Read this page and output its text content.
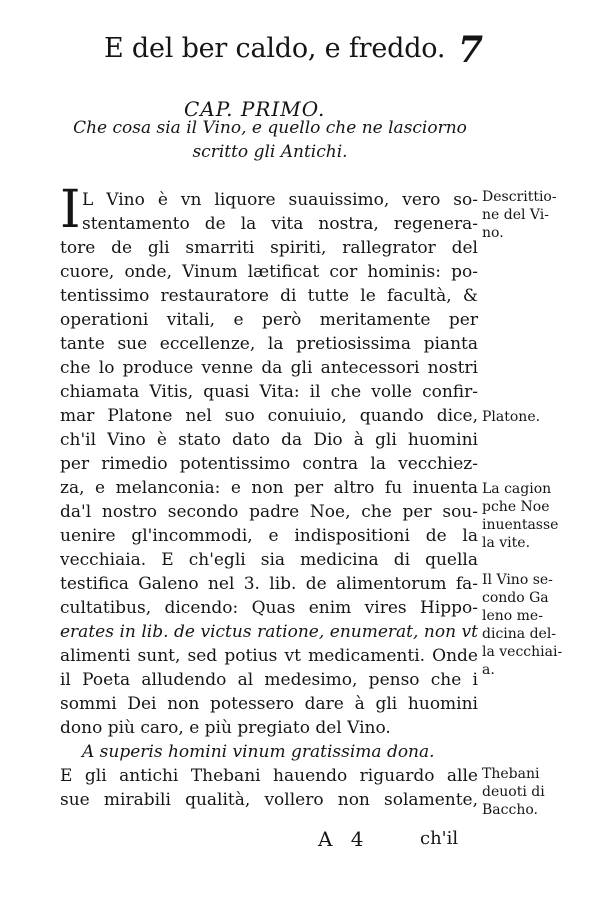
E del ber caldo, e freddo. 7
CAP. PRIMO.
Che cosa sia il Vino, e quello che ne lasciorno
scritto gli Antichi.
I L Vino è vn liquore suauissimo, vero so-
stentamento de la vita nostra, regenera-
tore de gli smarriti spiriti, rallegrator del
cuore, onde, Vinum lætificat cor hominis: po-
tentissimo restauratore di tutte le facultà, &
operationi vitali, e però meritamente per
tante sue eccellenze, la pretiosissima pianta
che lo produce venne da gli antecessori nostri
chiamata Vitis, quasi Vita: il che volle confir-
mar Platone nel suo conuiuio, quando dice,
ch'il Vino è stato dato da Dio à gli huomini
per rimedio potentissimo contra la vecchiez-
za, e melanconia: e non per altro fu inuenta
da'l nostro secondo padre Noe, che per sou-
uenire gl'incommodi, e indispositioni de la
vecchiaia. E ch'egli sia medicina di quella
testifica Galeno nel 3. lib. de alimentorum fa-
cultatibus, dicendo: Quas enim vires Hippo-
erates in lib. de victus ratione, enumerat, non vt
alimenti sunt, sed potius vt medicamenti. Onde
il Poeta alludendo al medesimo, penso che i
sommi Dei non potessero dare à gli huomini
dono più caro, e più pregiato del Vino.
A superis homini vinum gratissima dona.
E gli antichi Thebani hauendo riguardo alle
sue mirabili qualità, vollero non solamente,
Descrittio-
ne del Vi-
no.
Platone.
La cagion
pche Noe
inuentasse
la vite.
Il Vino se-
condo Ga
leno me-
dicina del-
la vecchiai-
a.
Thebani
deuoti di
Baccho.
A 4	ch'il
